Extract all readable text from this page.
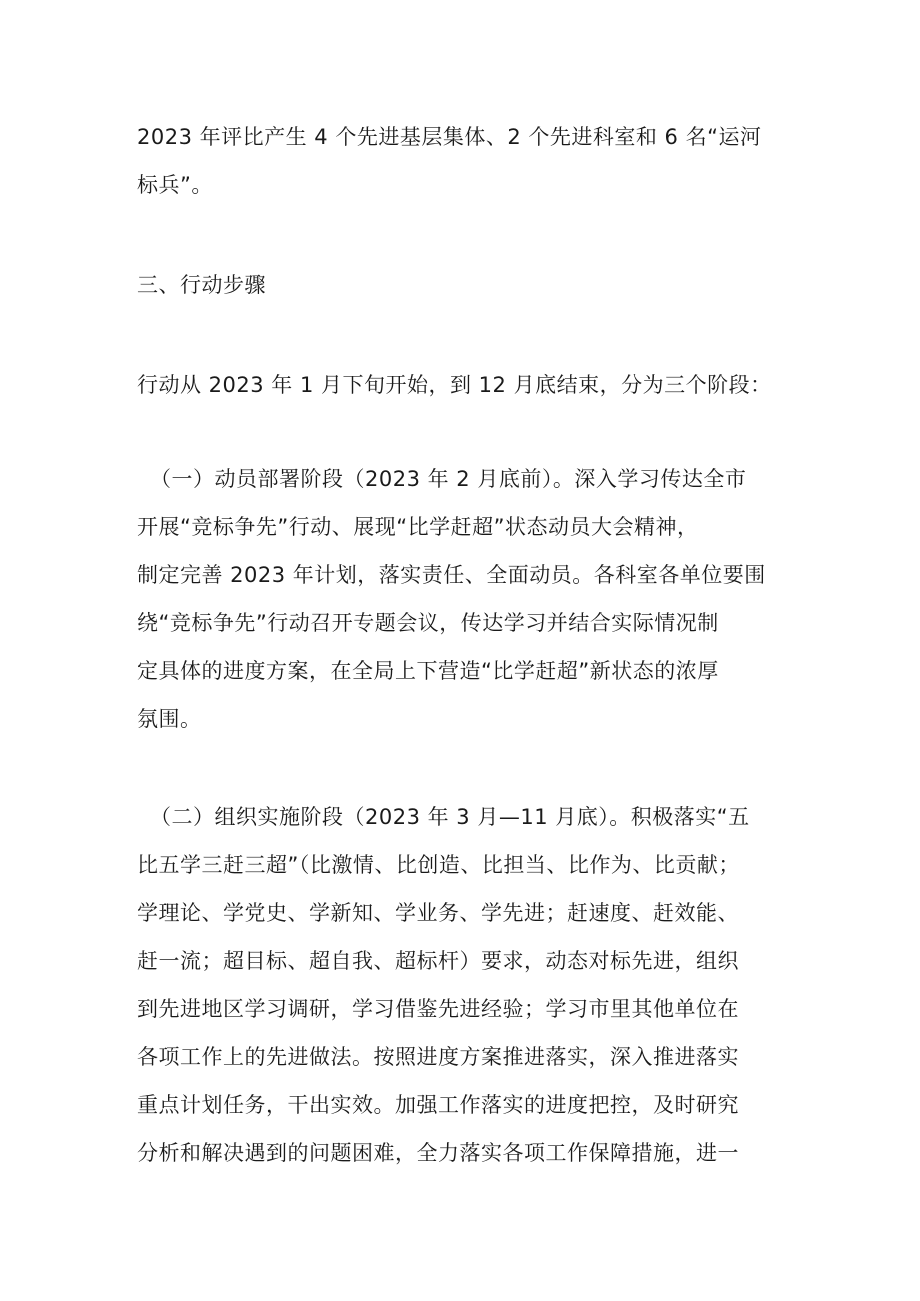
2023 年评比产生 4 个先进基层集体、2 个先进科室和 6 名“运河
标兵”。
三、行动步骤
行动从 2023 年 1 月下旬开始，到 12 月底结束，分为三个阶段：
（一）动员部署阶段（2023 年 2 月底前）。深入学习传达全市
开展“竞标争先”行动、展现“比学赶超”状态动员大会精神，
制定完善 2023 年计划，落实责任、全面动员。各科室各单位要围
绕“竞标争先”行动召开专题会议，传达学习并结合实际情况制
定具体的进度方案，在全局上下营造“比学赶超”新状态的浓厚
氛围。
（二）组织实施阶段（2023 年 3 月—11 月底）。积极落实“五
比五学三赶三超”（比激情、比创造、比担当、比作为、比贡献；
学理论、学党史、学新知、学业务、学先进；赶速度、赶效能、
赶一流；超目标、超自我、超标杆）要求，动态对标先进，组织
到先进地区学习调研，学习借鉴先进经验；学习市里其他单位在
各项工作上的先进做法。按照进度方案推进落实，深入推进落实
重点计划任务，干出实效。加强工作落实的进度把控，及时研究
分析和解决遇到的问题困难，全力落实各项工作保障措施，进一
